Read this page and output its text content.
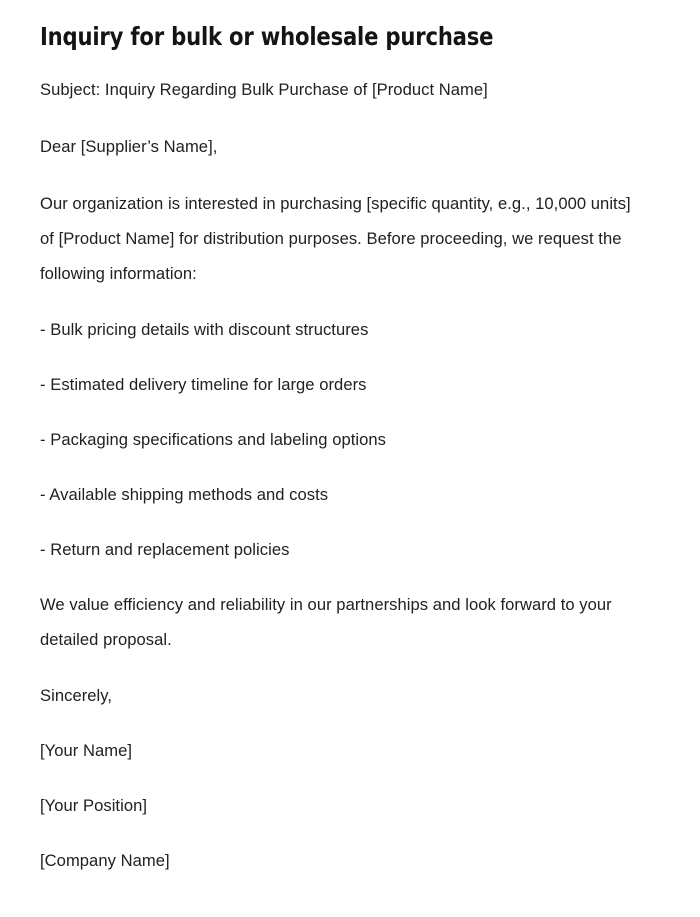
Inquiry for bulk or wholesale purchase

Subject: Inquiry Regarding Bulk Purchase of [Product Name]

Dear [Supplier’s Name],

Our organization is interested in purchasing [specific quantity, e.g., 10,000 units] of [Product Name] for distribution purposes. Before proceeding, we request the following information:

- Bulk pricing details with discount structures

- Estimated delivery timeline for large orders

- Packaging specifications and labeling options

- Available shipping methods and costs

- Return and replacement policies

We value efficiency and reliability in our partnerships and look forward to your detailed proposal.

Sincerely,

[Your Name]

[Your Position]

[Company Name]
